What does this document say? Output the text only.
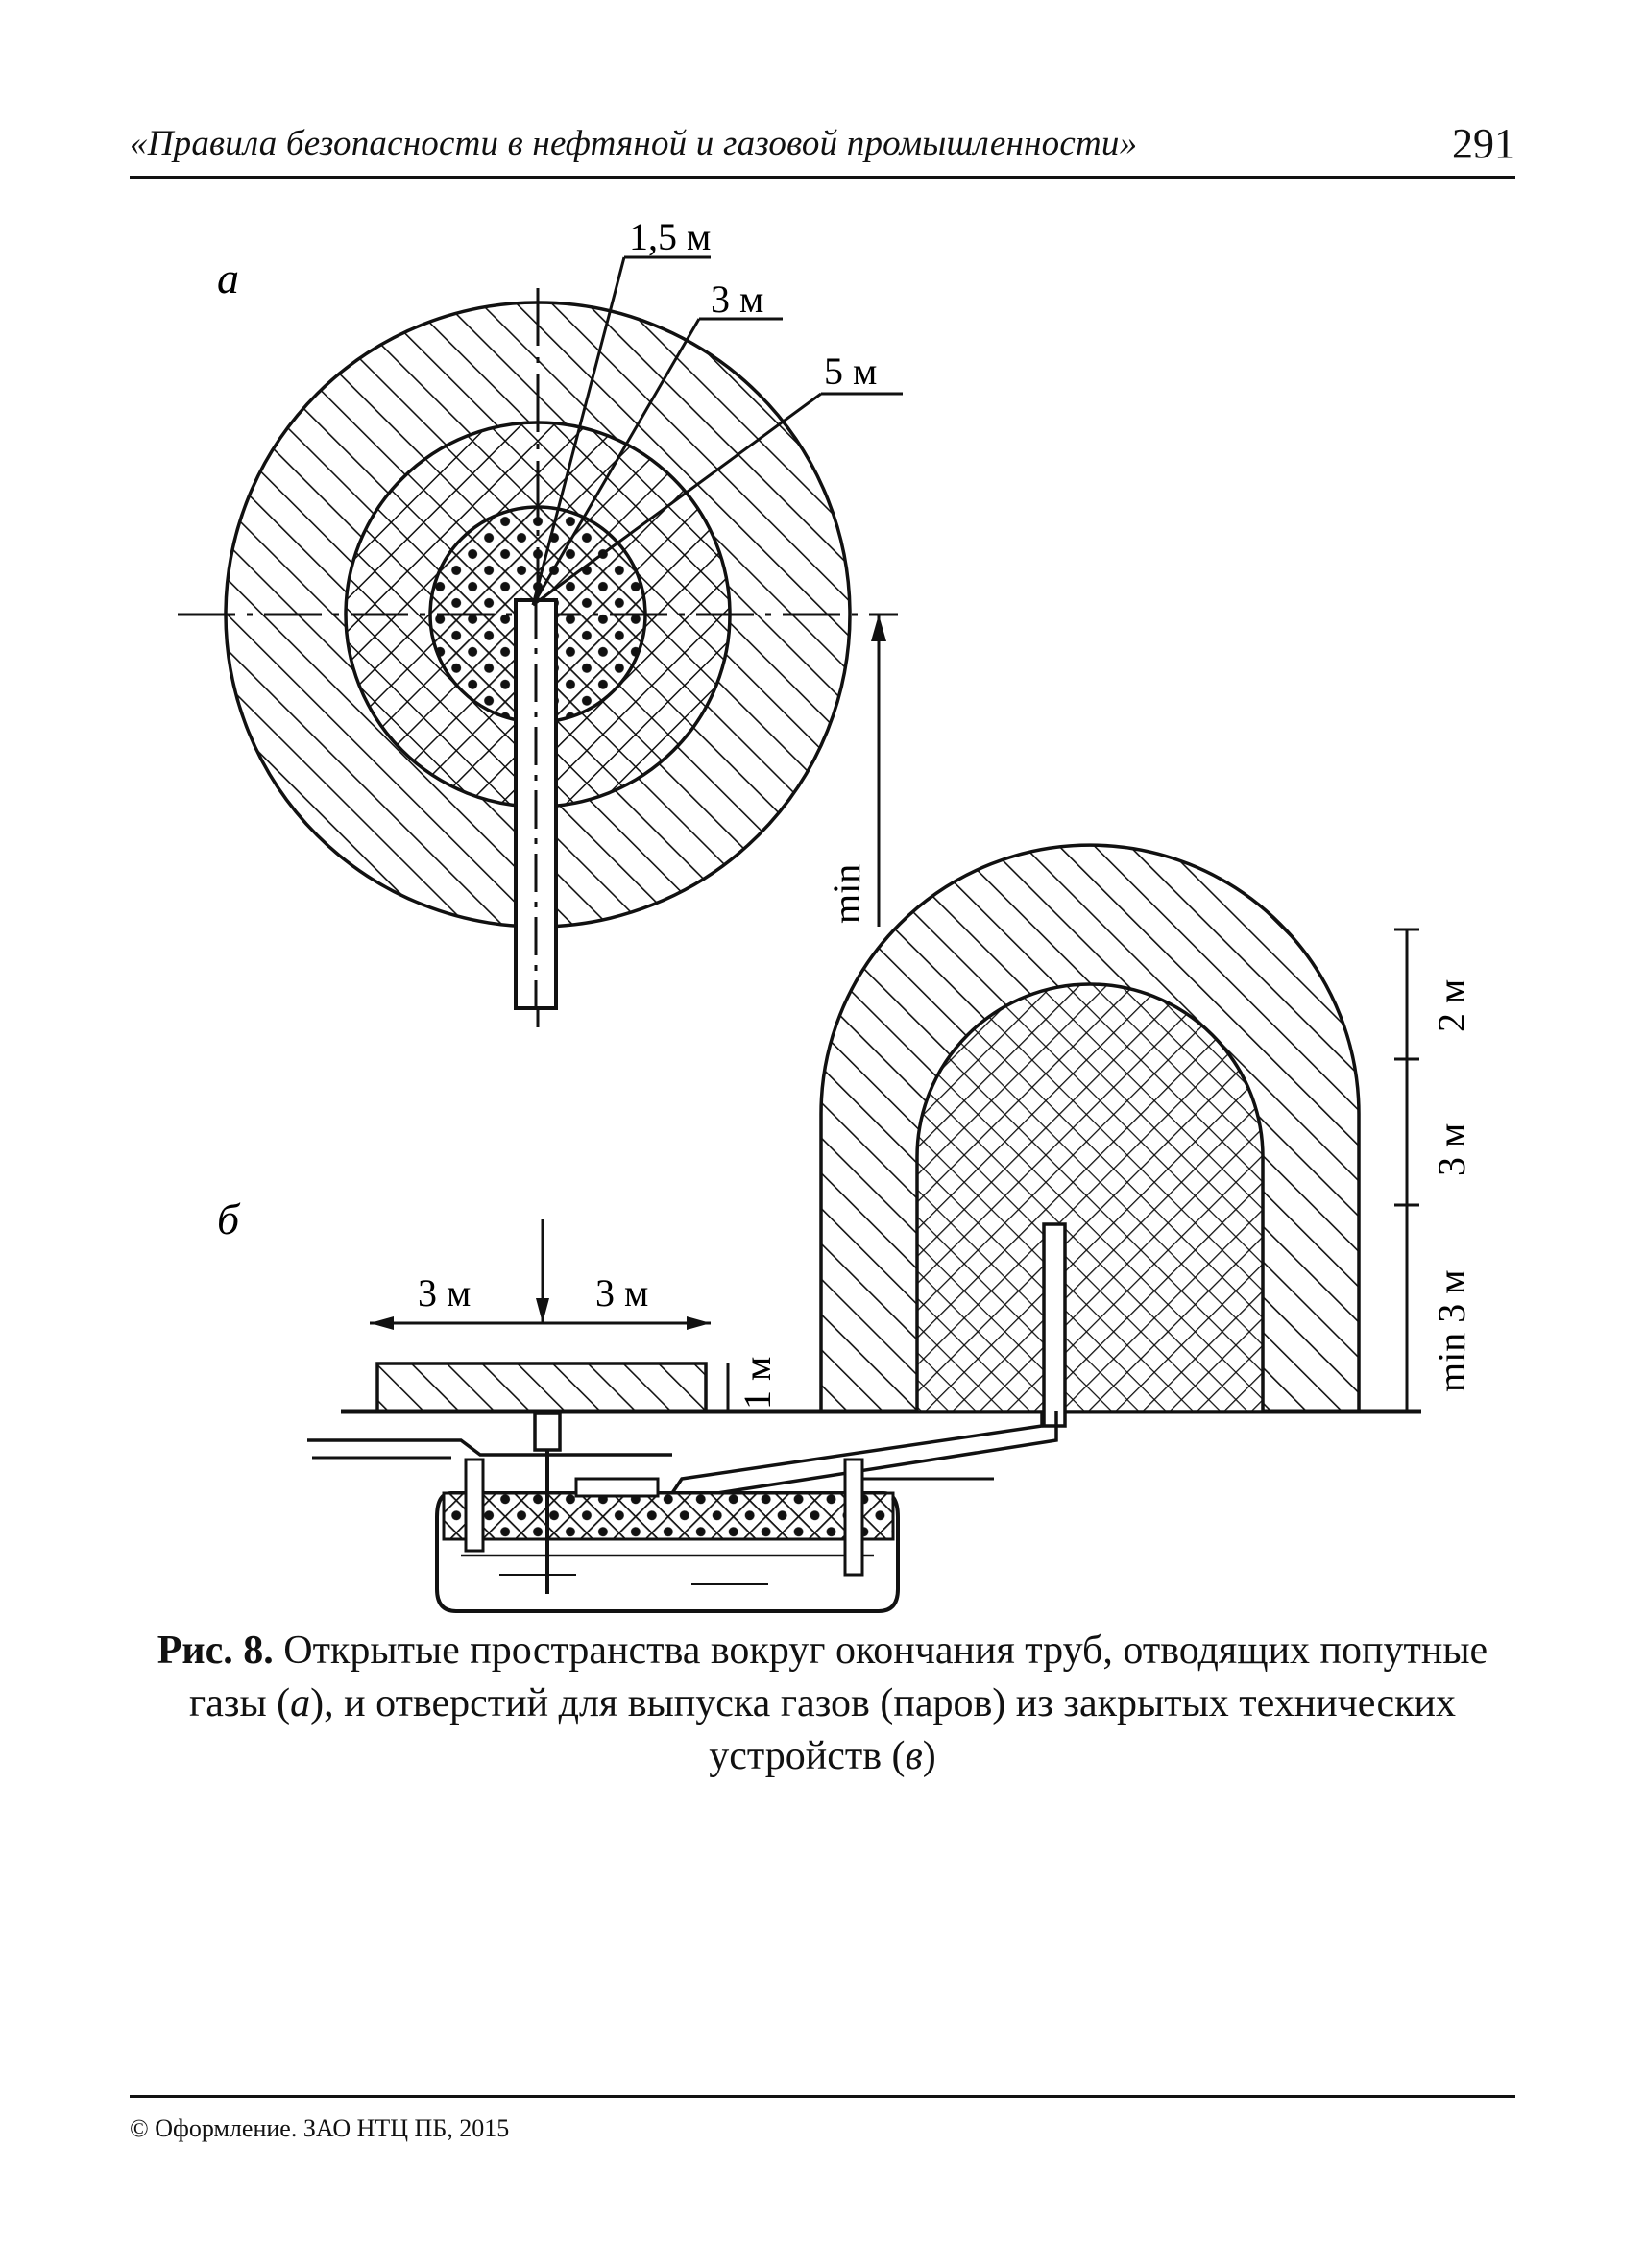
«Правила безопасности в нефтяной и газовой промышленности»	291
а
1,5 м
3 м
5 м
min
б
3 м	3 м
1 м
2 м
3 м
min 3 м
Рис. 8. Открытые пространства вокруг окончания труб, отводящих попутные газы (а), и отверстий для выпуска газов (паров) из закрытых технических устройств (в)
© Оформление. ЗАО НТЦ ПБ, 2015
